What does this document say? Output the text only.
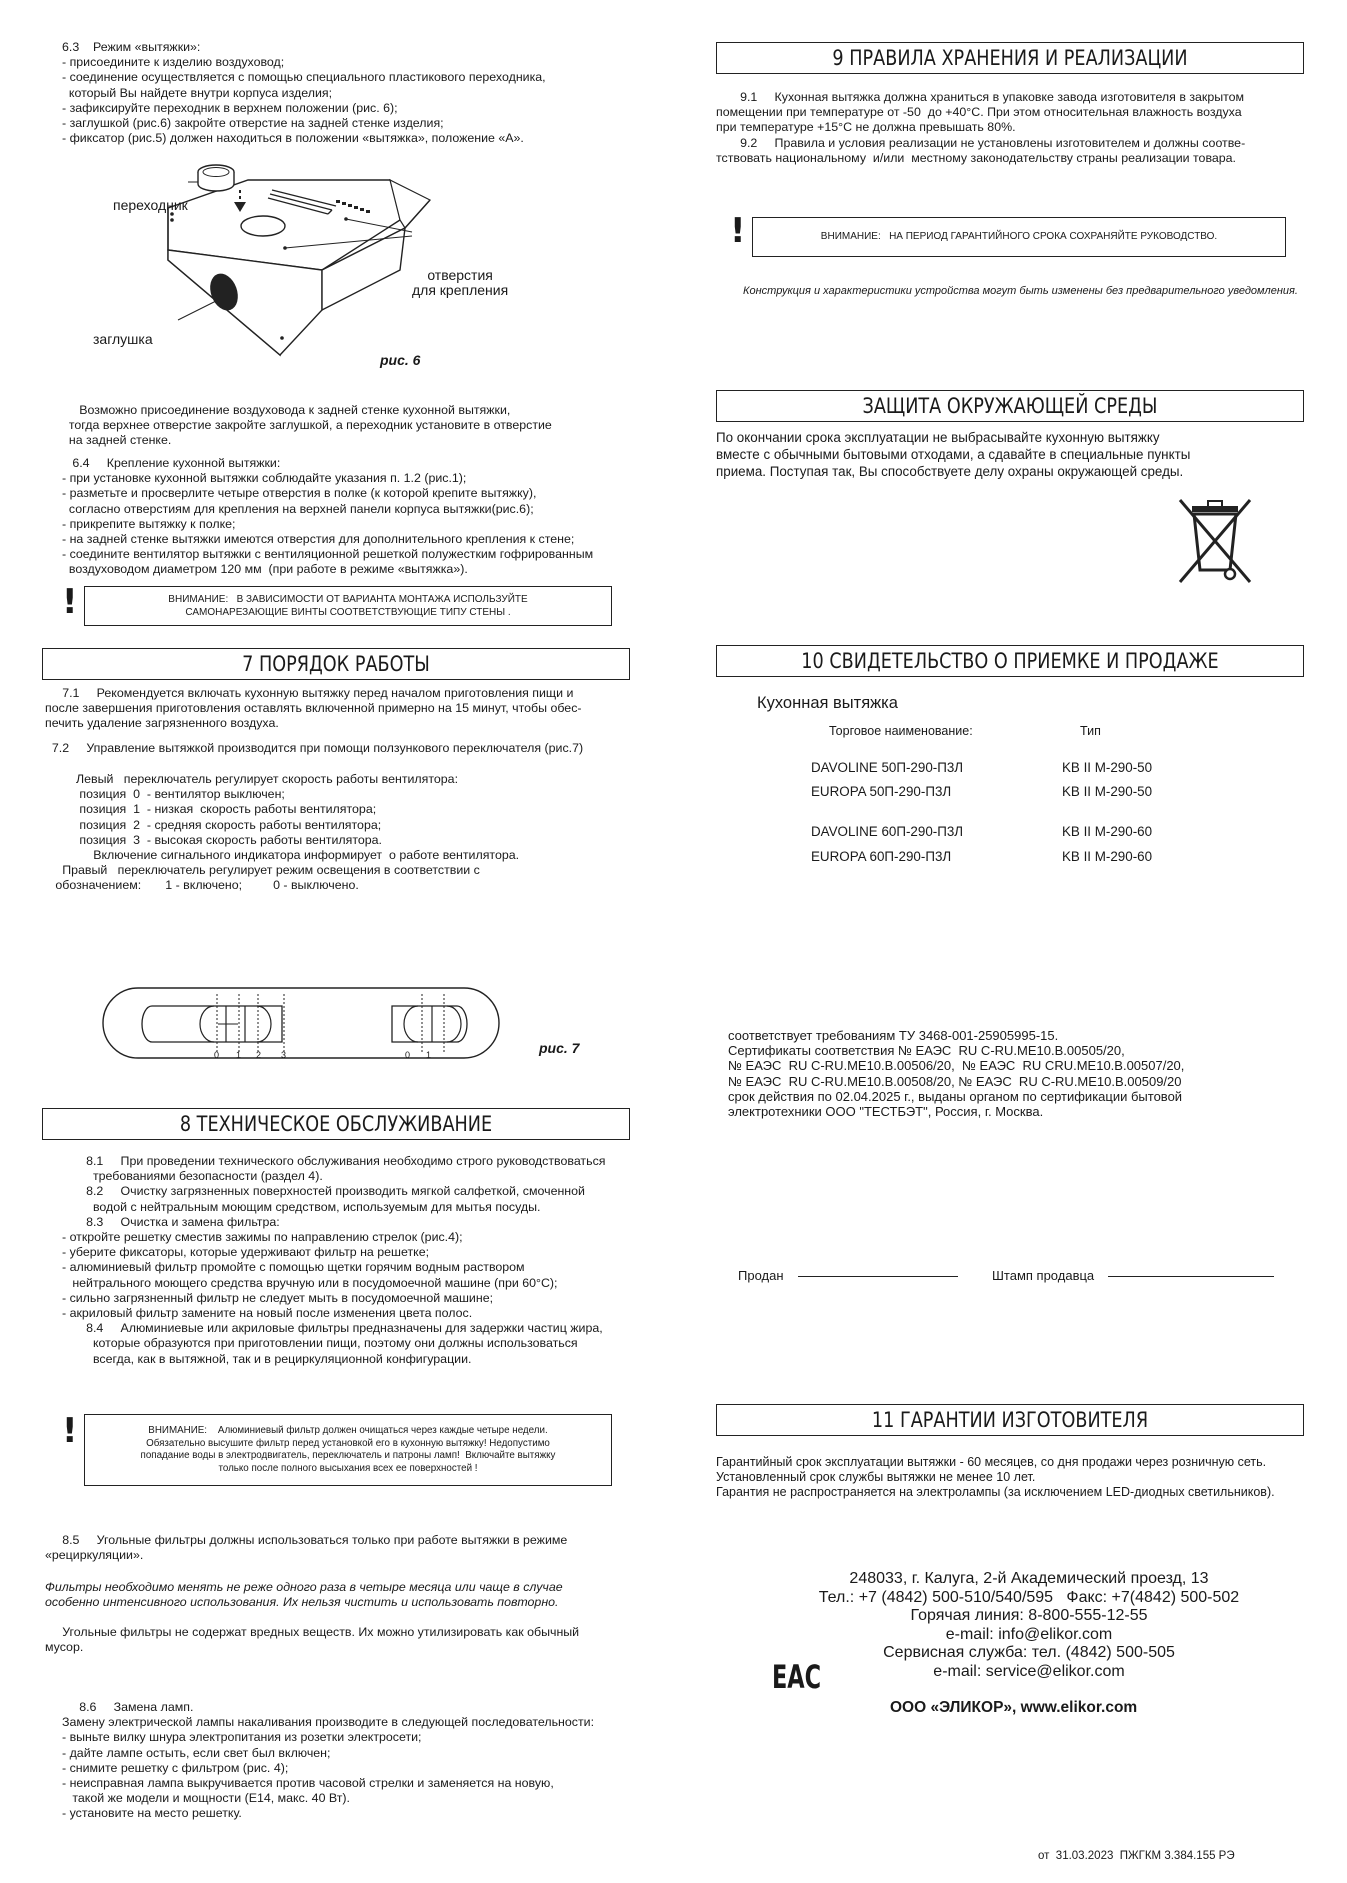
6.3    Режим «вытяжки»:
- присоедините к изделию воздуховод;
- соединение осуществляется с помощью специального пластикового переходника,
который Вы найдете внутри корпуса изделия;
- зафиксируйте переходник в верхнем положении (рис. 6);
- заглушкой (рис.6) закройте отверстие на задней стенке изделия;
- фиксатор (рис.5) должен находиться в положении «вытяжка», положение «А».
переходник
отверстия
для крепления
заглушка
рис. 6
Возможно присоединение воздуховода к задней стенке кухонной вытяжки,
тогда верхнее отверстие закройте заглушкой, а переходник установите в отверстие
на задней стенке.
6.4     Крепление кухонной вытяжки:
- при установке кухонной вытяжки соблюдайте указания п. 1.2 (рис.1);
- разметьте и просверлите четыре отверстия в полке (к которой крепите вытяжку),
согласно отверстиям для крепления на верхней панели корпуса вытяжки(рис.6);
- прикрепите вытяжку к полке;
- на задней стенке вытяжки имеются отверстия для дополнительного крепления к стене;
- соедините вентилятор вытяжки с вентиляционной решеткой полужестким гофрированным
воздуховодом диаметром 120 мм  (при работе в режиме «вытяжка»).
!	ВНИМАНИЕ:   В ЗАВИСИМОСТИ ОТ ВАРИАНТА МОНТАЖА ИСПОЛЬЗУЙТЕ
САМОНАРЕЗАЮЩИЕ ВИНТЫ СООТВЕТСТВУЮЩИЕ ТИПУ СТЕНЫ .
7 ПОРЯДОК РАБОТЫ
7.1     Рекомендуется включать кухонную вытяжку перед началом приготовления пищи и
после завершения приготовления оставлять включенной примерно на 15 минут, чтобы обес-
печить удаление загрязненного воздуха.
7.2     Управление вытяжкой производится при помощи ползункового переключателя (рис.7)
Левый   переключатель регулирует скорость работы вентилятора:
позиция  0  - вентилятор выключен;
позиция  1  - низкая  скорость работы вентилятора;
позиция  2  - средняя скорость работы вентилятора;
позиция  3  - высокая скорость работы вентилятора.
Включение сигнального индикатора информирует  о работе вентилятора.
Правый   переключатель регулирует режим освещения в соответствии с
обозначением:       1 - включено;         0 - выключено.
0 1 2 3	0 1	рис. 7
8 ТЕХНИЧЕСКОЕ ОБСЛУЖИВАНИЕ
8.1     При проведении технического обслуживания необходимо строго руководствоваться
требованиями безопасности (раздел 4).
8.2     Очистку загрязненных поверхностей производить мягкой салфеткой, смоченной
водой с нейтральным моющим средством, используемым для мытья посуды.
8.3     Очистка и замена фильтра:
- откройте решетку сместив зажимы по направлению стрелок (рис.4);
- уберите фиксаторы, которые удерживают фильтр на решетке;
- алюминиевый фильтр промойте с помощью щетки горячим водным раствором
нейтрального моющего средства вручную или в посудомоечной машине (при 60°С);
- сильно загрязненный фильтр не следует мыть в посудомоечной машине;
- акриловый фильтр замените на новый после изменения цвета полос.
8.4     Алюминиевые или акриловые фильтры предназначены для задержки частиц жира,
которые образуются при приготовлении пищи, поэтому они должны использоваться
всегда, как в вытяжной, так и в рециркуляционной конфигурации.
!	ВНИМАНИЕ:    Алюминиевый фильтр должен очищаться через каждые четыре недели.
Обязательно высушите фильтр перед установкой его в кухонную вытяжку! Недопустимо
попадание воды в электродвигатель, переключатель и патроны ламп!  Включайте вытяжку
только после полного высыхания всех ее поверхностей !
8.5     Угольные фильтры должны использоваться только при работе вытяжки в режиме
«рециркуляции».
Фильтры необходимо менять не реже одного раза в четыре месяца или чаще в случае
особенно интенсивного использования. Их нельзя чистить и использовать повторно.
Угольные фильтры не содержат вредных веществ. Их можно утилизировать как обычный
мусор.
8.6     Замена ламп.
Замену электрической лампы накаливания производите в следующей последовательности:
- выньте вилку шнура электропитания из розетки электросети;
- дайте лампе остыть, если свет был включен;
- снимите решетку с фильтром (рис. 4);
- неисправная лампа выкручивается против часовой стрелки и заменяется на новую,
такой же модели и мощности (Е14, макс. 40 Вт).
- установите на место решетку.
9 ПРАВИЛА ХРАНЕНИЯ И РЕАЛИЗАЦИИ
9.1     Кухонная вытяжка должна храниться в упаковке завода изготовителя в закрытом
помещении при температуре от -50  до +40°С. При этом относительная влажность воздуха
при температуре +15°С не должна превышать 80%.
9.2     Правила и условия реализации не установлены изготовителем и должны соотве-
тствовать национальному  и/или  местному законодательству страны реализации товара.
!	ВНИМАНИЕ:   НА ПЕРИОД ГАРАНТИЙНОГО СРОКА СОХРАНЯЙТЕ РУКОВОДСТВО.
Конструкция и характеристики устройства могут быть изменены без предварительного уведомления.
ЗАЩИТА ОКРУЖАЮЩЕЙ СРЕДЫ
По окончании срока эксплуатации не выбрасывайте кухонную вытяжку
вместе с обычными бытовыми отходами, а сдавайте в специальные пункты
приема. Поступая так, Вы способствуете делу охраны окружающей среды.
10 СВИДЕТЕЛЬСТВО О ПРИЕМКЕ И ПРОДАЖЕ
Кухонная вытяжка
Торговое наименование:	Тип
DAVOLINE 50П-290-П3Л	KB II M-290-50
EUROPA 50П-290-П3Л	KB II M-290-50
DAVOLINE 60П-290-П3Л	KB II M-290-60
EUROPA 60П-290-П3Л	KB II M-290-60
соответствует требованиям ТУ 3468-001-25905995-15.
Сертификаты соответствия № ЕАЭС  RU C-RU.ME10.B.00505/20,
№ ЕАЭС  RU C-RU.ME10.B.00506/20,  № ЕАЭС  RU CRU.ME10.B.00507/20,
№ ЕАЭС  RU C-RU.ME10.B.00508/20, № ЕАЭС  RU C-RU.ME10.B.00509/20
срок действия по 02.04.2025 г., выданы органом по сертификации бытовой
электротехники ООО "ТЕСТБЭТ", Россия, г. Москва.
Продан	Штамп продавца
11 ГАРАНТИИ ИЗГОТОВИТЕЛЯ
Гарантийный срок эксплуатации вытяжки - 60 месяцев, со дня продажи через розничную сеть.
Установленный срок службы вытяжки не менее 10 лет.
Гарантия не распространяется на электролампы (за исключением LED-диодных светильников).
248033, г. Калуга, 2-й Академический проезд, 13
Тел.: +7 (4842) 500-510/540/595   Факс: +7(4842) 500-502
Горячая линия: 8-800-555-12-55
e-mail: info@elikor.com
Сервисная служба: тел. (4842) 500-505
e-mail: service@elikor.com
EAC
ООО «ЭЛИКОР», www.elikor.com
от  31.03.2023  ПЖГКМ 3.384.155 РЭ
